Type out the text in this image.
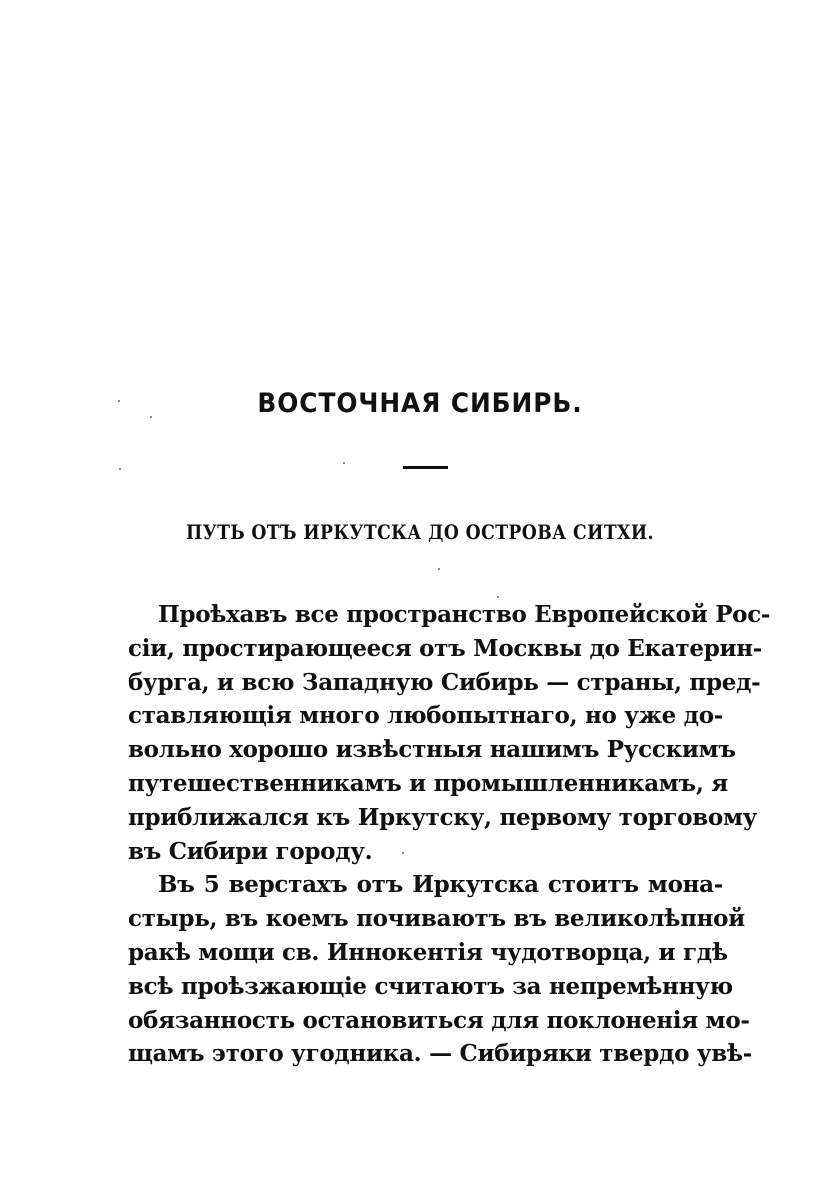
ВОСТОЧНАЯ СИБИРЬ.
ПУТЬ ОТЪ ИРКУТСКА ДО ОСТРОВА СИТХИ.
Проѣхавъ все пространство Европейской Рос-
сіи, простирающееся отъ Москвы до Екатерин-
бурга, и всю Западную Сибирь — страны, пред-
ставляющія много любопытнаго, но уже до-
вольно хорошо извѣстныя нашимъ Русскимъ
путешественникамъ и промышленникамъ, я
приближался къ Иркутску, первому торговому
въ Сибири городу.
Въ 5 верстахъ отъ Иркутска стоитъ мона-
стырь, въ коемъ почиваютъ въ великолѣпной
ракѣ мощи св. Иннокентія чудотворца, и гдѣ
всѣ проѣзжающіе считаютъ за непремѣнную
обязанность остановиться для поклоненія мо-
щамъ этого угодника. — Сибиряки твердо увѣ-
